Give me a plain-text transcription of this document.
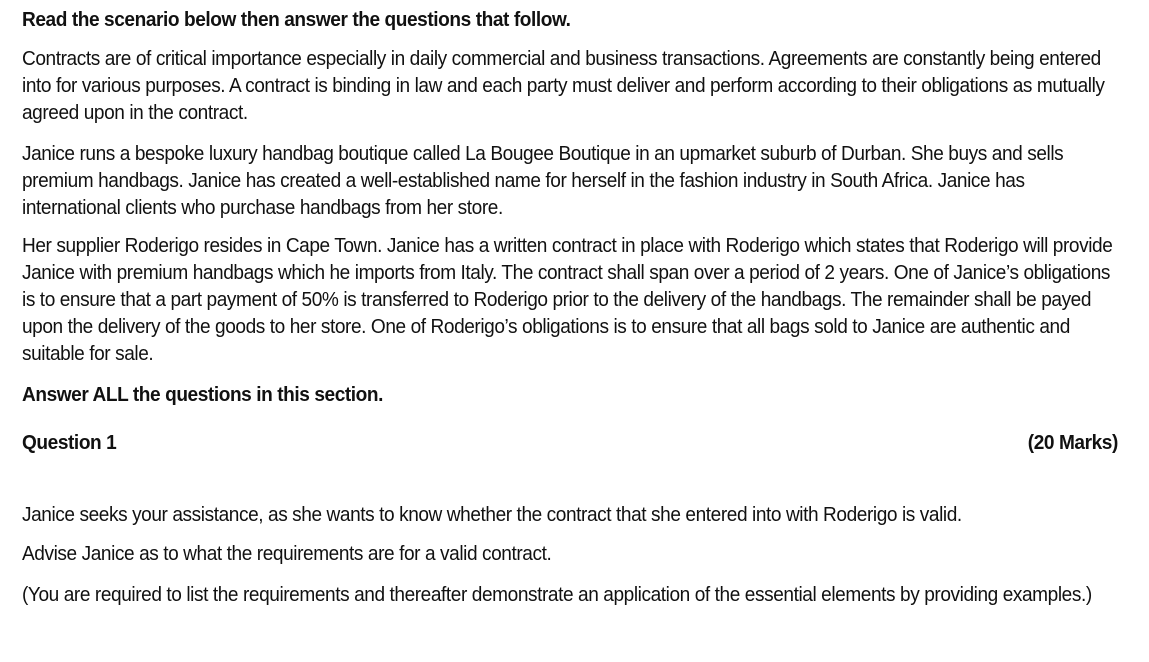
Read the scenario below then answer the questions that follow.

Contracts are of critical importance especially in daily commercial and business transactions. Agreements are constantly being entered into for various purposes. A contract is binding in law and each party must deliver and perform according to their obligations as mutually agreed upon in the contract.

Janice runs a bespoke luxury handbag boutique called La Bougee Boutique in an upmarket suburb of Durban. She buys and sells premium handbags. Janice has created a well-established name for herself in the fashion industry in South Africa. Janice has international clients who purchase handbags from her store.

Her supplier Roderigo resides in Cape Town. Janice has a written contract in place with Roderigo which states that Roderigo will provide Janice with premium handbags which he imports from Italy. The contract shall span over a period of 2 years. One of Janice’s obligations is to ensure that a part payment of 50% is transferred to Roderigo prior to the delivery of the handbags. The remainder shall be payed upon the delivery of the goods to her store. One of Roderigo’s obligations is to ensure that all bags sold to Janice are authentic and suitable for sale.

Answer ALL the questions in this section.

Question 1	(20 Marks)

Janice seeks your assistance, as she wants to know whether the contract that she entered into with Roderigo is valid.

Advise Janice as to what the requirements are for a valid contract.

(You are required to list the requirements and thereafter demonstrate an application of the essential elements by providing examples.)
